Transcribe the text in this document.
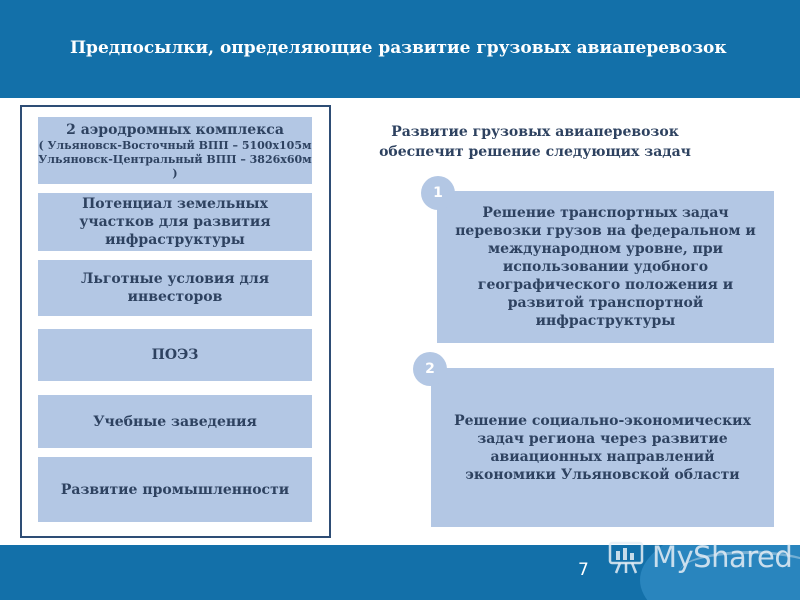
Предпосылки, определяющие развитие грузовых авиаперевозок
2 аэродромных комплекса
( Ульяновск-Восточный ВПП – 5100х105м
Ульяновск-Центральный ВПП – 3826х60м )
Потенциал земельных участков для развития инфраструктуры
Льготные условия для инвесторов
ПОЭЗ
Учебные заведения
Развитие промышленности
Развитие грузовых авиаперевозок
обеспечит решение следующих задач
Решение транспортных задач перевозки грузов на федеральном и международном уровне, при использовании удобного географического положения и развитой транспортной инфраструктуры
1
Решение социально-экономических задач региона через развитие авиационных направлений экономики Ульяновской области
2
7 MyShared
